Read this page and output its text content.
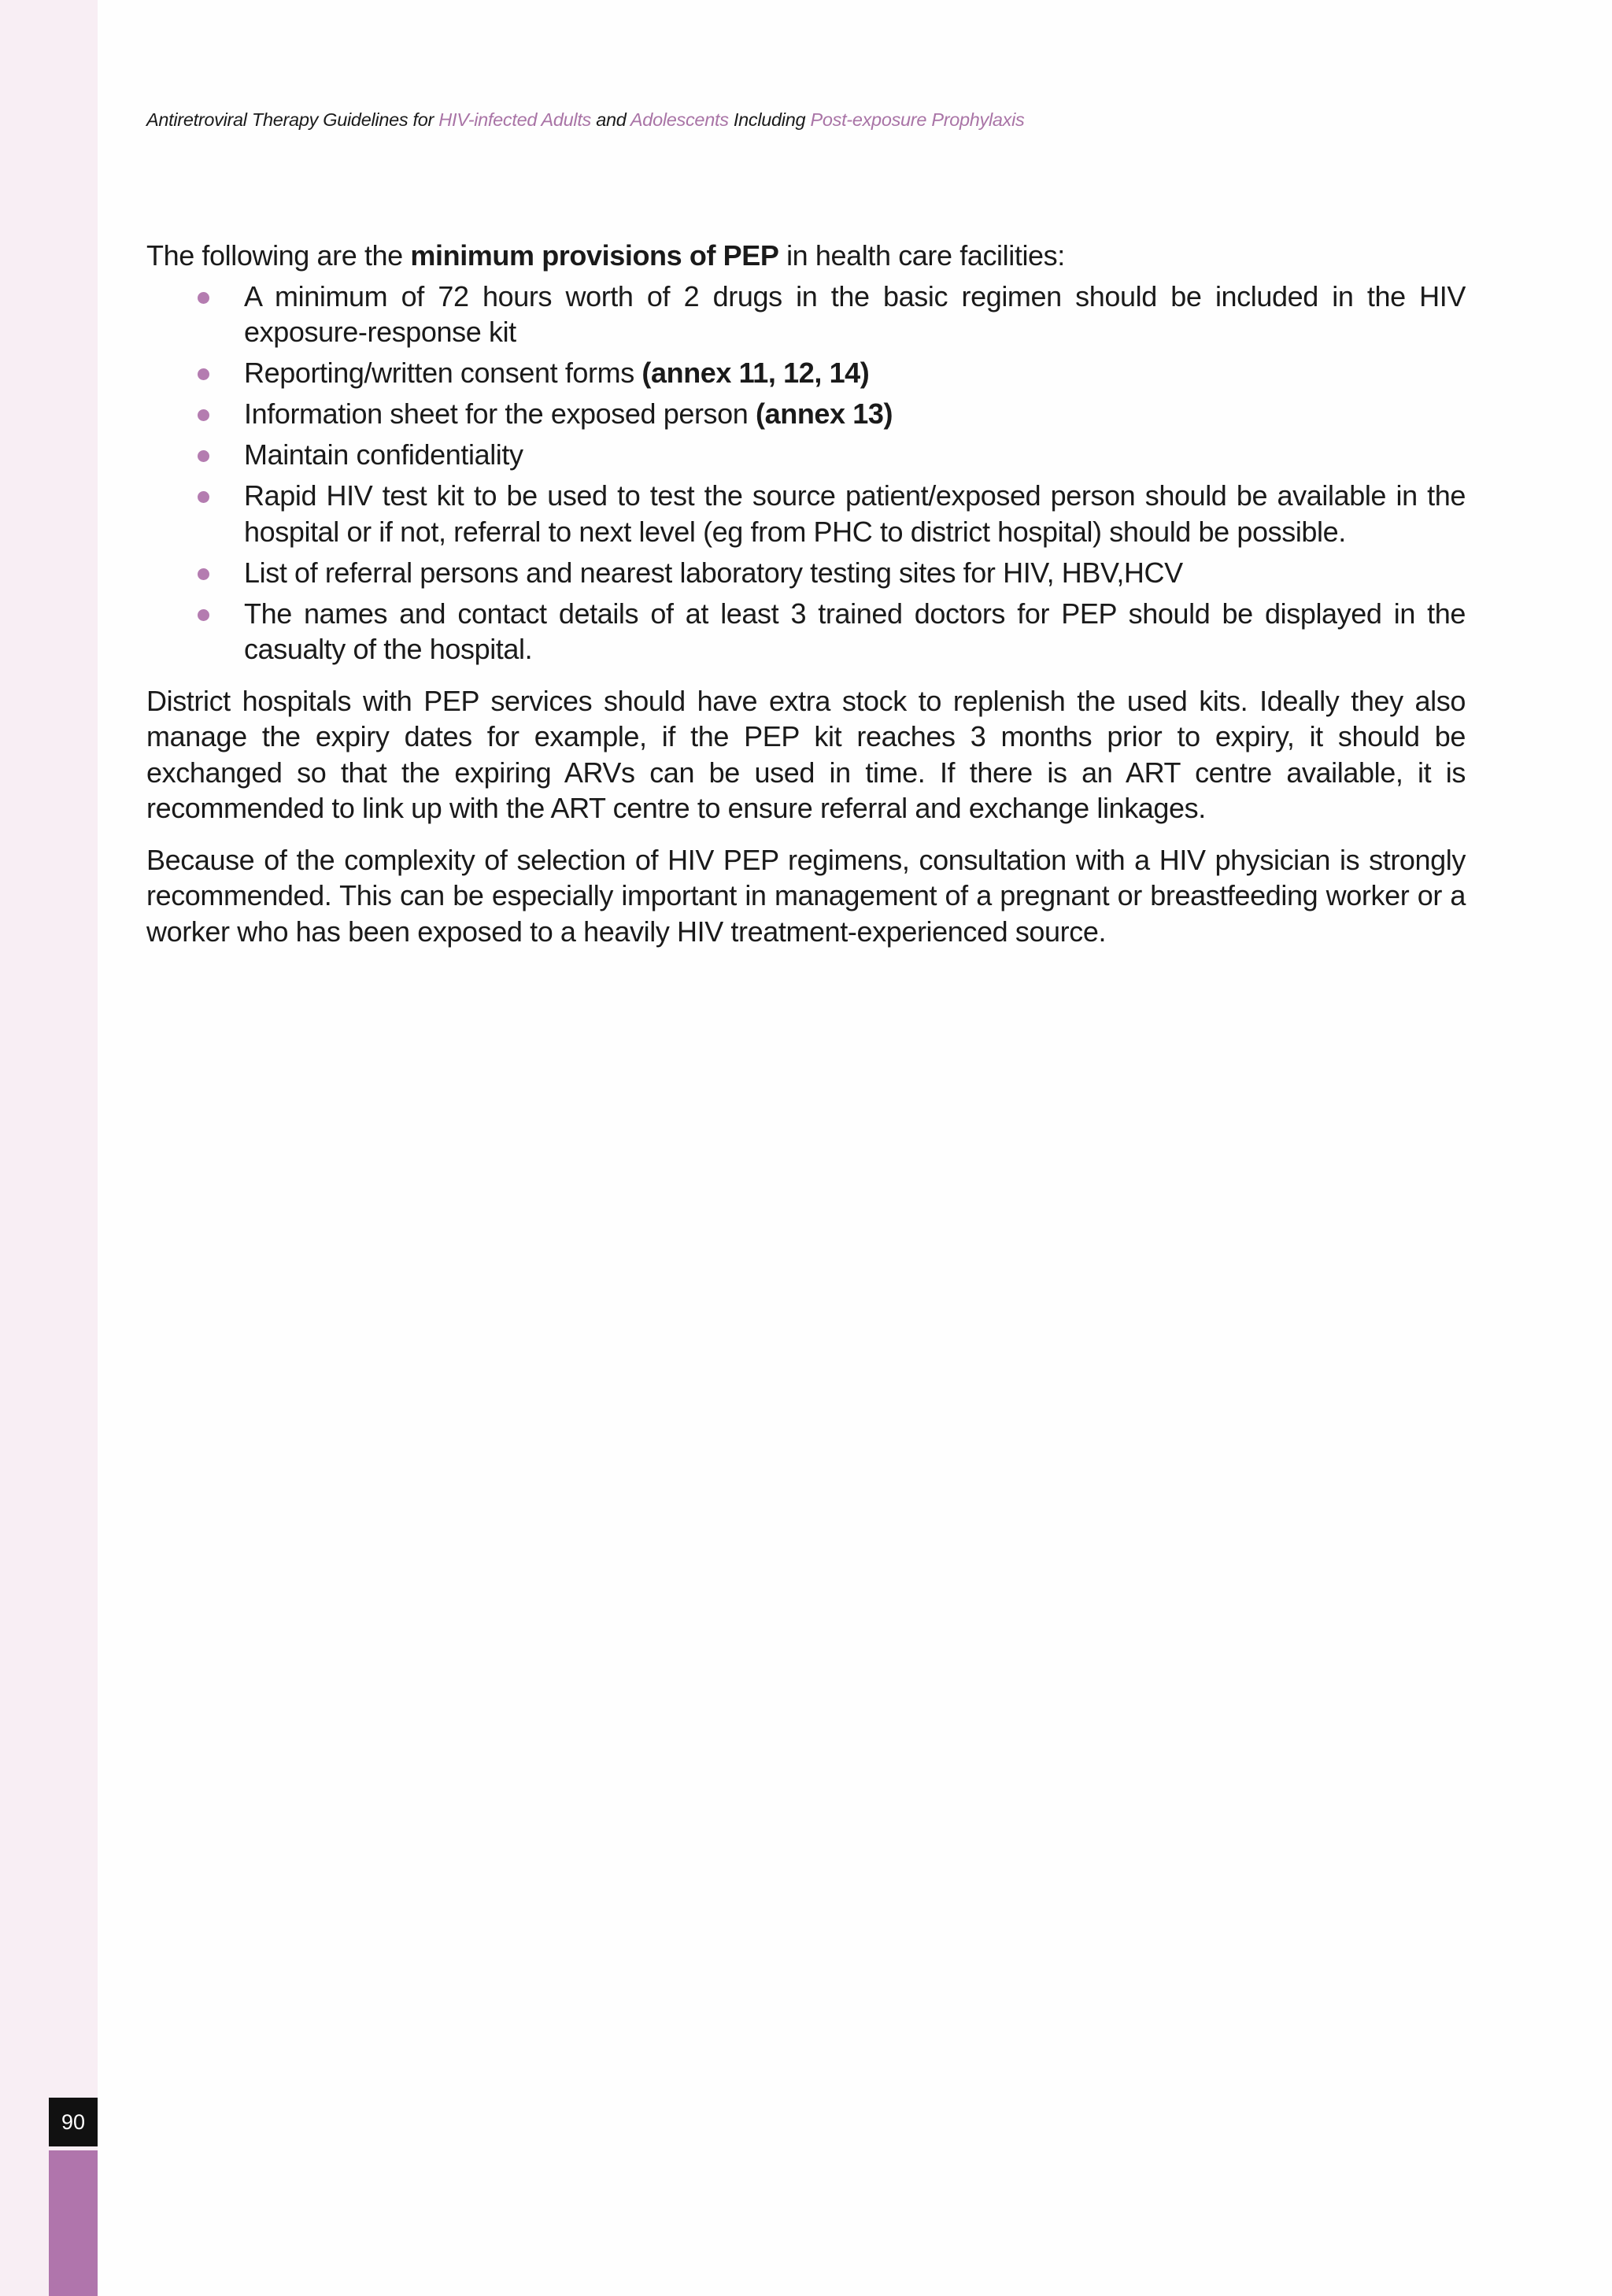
Antiretroviral Therapy Guidelines for HIV-infected Adults and Adolescents Including Post-exposure Prophylaxis

The following are the minimum provisions of PEP in health care facilities:

A minimum of 72 hours worth of 2 drugs in the basic regimen should be included in the HIV exposure-response kit
Reporting/written consent forms (annex 11, 12, 14)
Information sheet for the exposed person (annex 13)
Maintain confidentiality
Rapid HIV test kit to be used to test the source patient/exposed person should be available in the hospital or if not, referral to next level (eg from PHC to district hospital) should be possible.
List of referral persons and nearest laboratory testing sites for HIV, HBV,HCV
The names and contact details of at least 3 trained doctors for PEP should be displayed in the casualty of the hospital.

District hospitals with PEP services should have extra stock to replenish the used kits. Ideally they also manage the expiry dates for example, if the PEP kit reaches 3 months prior to expiry, it should be exchanged so that the expiring ARVs can be used in time. If there is an ART centre available, it is recommended to link up with the ART centre to ensure referral and exchange linkages.

Because of the complexity of selection of HIV PEP regimens, consultation with a HIV physician is strongly recommended. This can be especially important in management of a pregnant or breastfeeding worker or a worker who has been exposed to a heavily HIV treatment-experienced source.

90
